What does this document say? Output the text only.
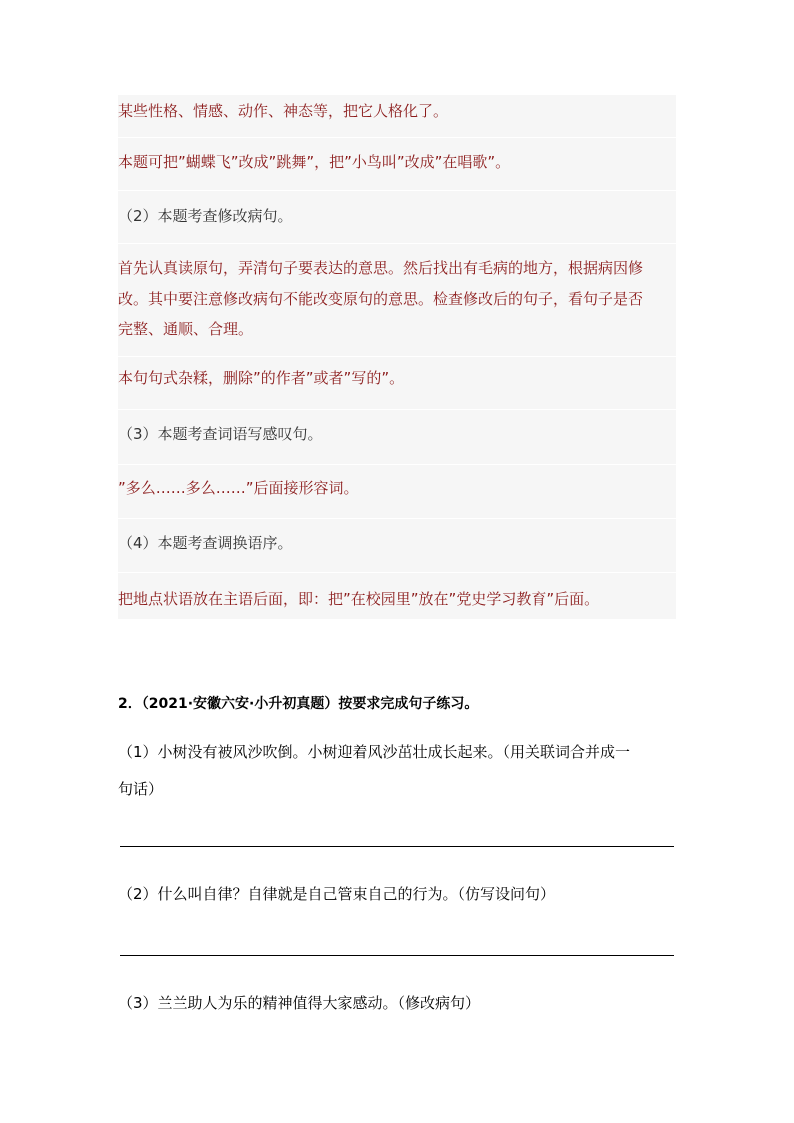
某些性格、情感、动作、神态等，把它人格化了。
本题可把”蝴蝶飞”改成”跳舞”，把”小鸟叫”改成”在唱歌”。
（2）本题考查修改病句。
首先认真读原句，弄清句子要表达的意思。然后找出有毛病的地方，根据病因修
改。其中要注意修改病句不能改变原句的意思。检查修改后的句子，看句子是否
完整、通顺、合理。
本句句式杂糅，删除”的作者”或者”写的”。
（3）本题考查词语写感叹句。
”多么……多么……”后面接形容词。
（4）本题考查调换语序。
把地点状语放在主语后面，即：把”在校园里”放在”党史学习教育”后面。
2．（2021·安徽六安·小升初真题）按要求完成句子练习。
（1）小树没有被风沙吹倒。小树迎着风沙茁壮成长起来。（用关联词合并成一
句话）
（2）什么叫自律？自律就是自己管束自己的行为。（仿写设问句）
（3）兰兰助人为乐的精神值得大家感动。（修改病句）
